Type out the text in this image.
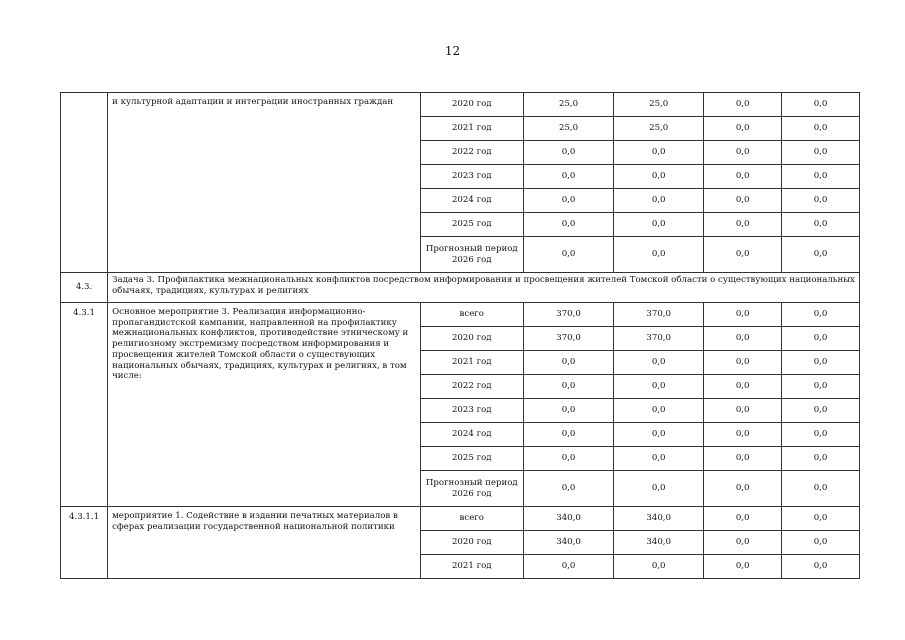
12
	и культурной адаптации и интеграции иностранных граждан	2020 год	25,0	25,0	0,0	0,0
		2021 год	25,0	25,0	0,0	0,0
		2022 год	0,0	0,0	0,0	0,0
		2023 год	0,0	0,0	0,0	0,0
		2024 год	0,0	0,0	0,0	0,0
		2025 год	0,0	0,0	0,0	0,0
		Прогнозный период 2026 год	0,0	0,0	0,0	0,0
4.3.	Задача 3. Профилактика межнациональных конфликтов посредством информирования и просвещения жителей Томской области о существующих национальных обычаях, традициях, культурах и религиях					
4.3.1	Основное мероприятие 3. Реализация информационно-пропагандистской кампании, направленной на профилактику межнациональных конфликтов, противодействие этническому и религиозному экстремизму посредством информирования и просвещения жителей Томской области о существующих национальных обычаях, традициях, культурах и религиях, в том числе:	всего	370,0	370,0	0,0	0,0
		2020 год	370,0	370,0	0,0	0,0
		2021 год	0,0	0,0	0,0	0,0
		2022 год	0,0	0,0	0,0	0,0
		2023 год	0,0	0,0	0,0	0,0
		2024 год	0,0	0,0	0,0	0,0
		2025 год	0,0	0,0	0,0	0,0
		Прогнозный период 2026 год	0,0	0,0	0,0	0,0
4.3.1.1	мероприятие 1. Содействие в издании печатных материалов в сферах реализации государственной национальной политики	всего	340,0	340,0	0,0	0,0
		2020 год	340,0	340,0	0,0	0,0
		2021 год	0,0	0,0	0,0	0,0
